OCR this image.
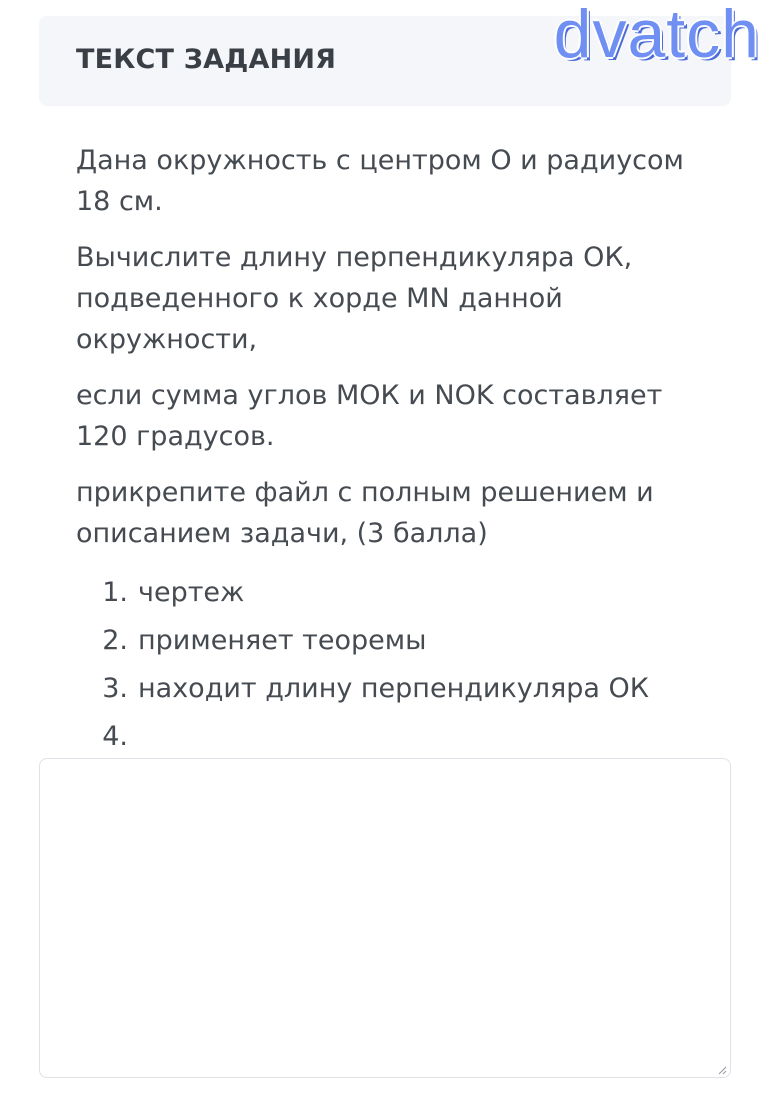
ТЕКСТ ЗАДАНИЯ	dvatch

Дана окружность с центром О и радиусом 18 см.

Вычислите длину перпендикуляра ОК, подведенного к хорде MN данной окружности,

если сумма углов МОК и NOK составляет 120 градусов.

прикрепите файл с полным решением и описанием задачи, (3 балла)

1. чертеж
2. применяет теоремы
3. находит длину перпендикуляра ОК
4.
